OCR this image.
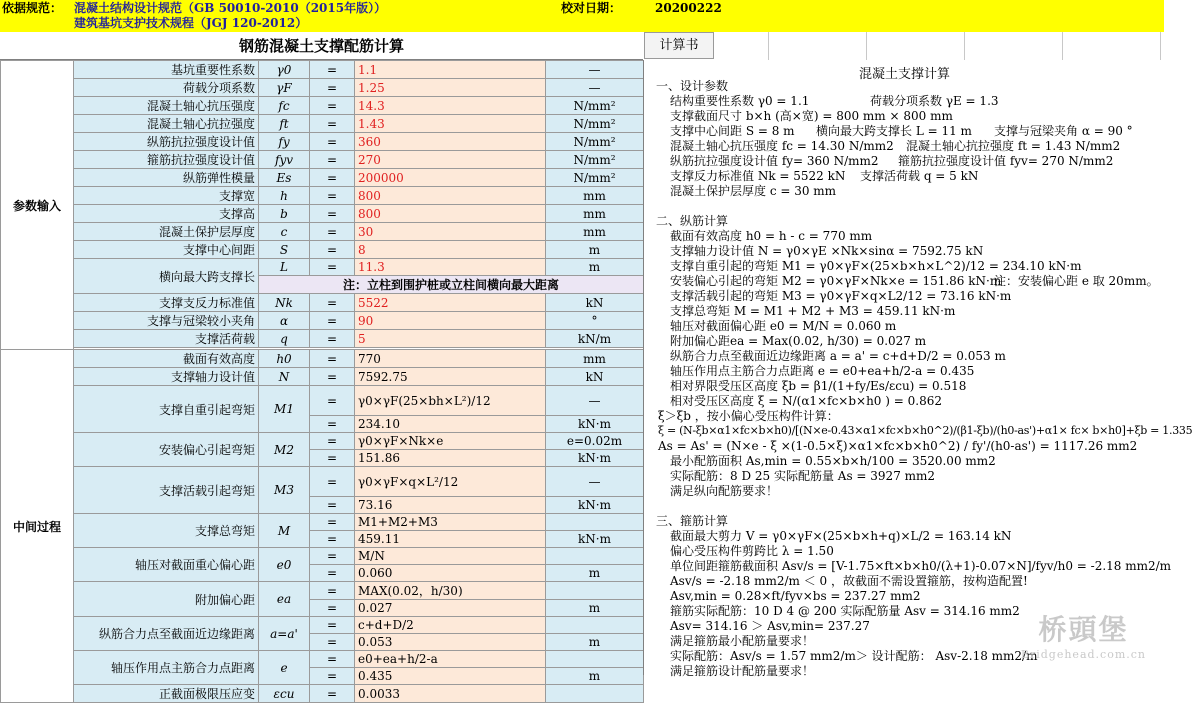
依据规范： 混凝土结构设计规范（GB 50010-2010（2015年版））
建筑基坑支护技术规程（JGJ 120-2012）
校对日期：	20200222
钢筋混凝土支撑配筋计算	计算书
参数输入	基坑重要性系数	γ0	=	1.1	—
	荷载分项系数	γF	=	1.25	—
	混凝土轴心抗压强度	fc	=	14.3	N/mm²
	混凝土轴心抗拉强度	ft	=	1.43	N/mm²
	纵筋抗拉强度设计值	fy	=	360	N/mm²
	箍筋抗拉强度设计值	fyv	=	270	N/mm²
	纵筋弹性模量	Es	=	200000	N/mm²
	支撑宽	h	=	800	mm
	支撑高	b	=	800	mm
	混凝土保护层厚度	c	=	30	mm
	支撑中心间距	S	=	8	m
	横向最大跨支撑长	L	=	11.3	m
		注：立柱到围护桩或立柱间横向最大距离			
	支撑支反力标准值	Nk	=	5522	kN
	支撑与冠梁较小夹角	α	=	90	°
	支撑活荷载	q	=	5	kN/m

中间过程	截面有效高度	h0	=	770	mm
	支撑轴力设计值	N	=	7592.75	kN
	支撑自重引起弯矩	M1	=	γ0×γF(25×bh×L²)/12	—
			=	234.10	kN·m
	安装偏心引起弯矩	M2	=	γ0×γF×Nk×e	e=0.02m
			=	151.86	kN·m
	支撑活载引起弯矩	M3	=	γ0×γF×q×L²/12	—
			=	73.16	kN·m
	支撑总弯矩	M	=	M1+M2+M3	
			=	459.11	kN·m
	轴压对截面重心偏心距	e0	=	M/N	
			=	0.060	m
	附加偏心距	ea	=	MAX(0.02，h/30)	
			=	0.027	m
	纵筋合力点至截面近边缘距离	a=a'	=	c+d+D/2	
			=	0.053	m
	轴压作用点主筋合力点距离	e	=	e0+ea+h/2-a	
			=	0.435	m
	正截面极限压应变	εcu	=	0.0033	
混凝土支撑计算
一、设计参数
结构重要性系数 γ0 = 1.1	荷载分项系数 γE = 1.3
支撑截面尺寸 b×h (高×宽) = 800 mm × 800 mm
支撑中心间距 S = 8 m 横向最大跨支撑长 L = 11 m 支撑与冠梁夹角 α = 90 °
混凝土轴心抗压强度 fc = 14.30 N/mm2 混凝土轴心抗拉强度 ft = 1.43 N/mm2
纵筋抗拉强度设计值 fy= 360 N/mm2 箍筋抗拉强度设计值 fyv= 270 N/mm2
支撑反力标准值 Nk = 5522 kN 支撑活荷载 q = 5 kN
混凝土保护层厚度 c = 30 mm
二、纵筋计算
截面有效高度 h0 = h - c = 770 mm
支撑轴力设计值 N = γ0×γE ×Nk×sinα = 7592.75 kN
支撑自重引起的弯矩 M1 = γ0×γF×(25×b×h×L^2)/12 = 234.10 kN·m
安装偏心引起的弯矩 M2 = γ0×γF×Nk×e = 151.86 kN·m
注：安装偏心距 e 取 20mm。
支撑活载引起的弯矩 M3 = γ0×γF×q×L2/12 = 73.16 kN·m
支撑总弯矩 M = M1 + M2 + M3 = 459.11 kN·m
轴压对截面偏心距 e0 = M/N = 0.060 m
附加偏心距ea = Max(0.02, h/30) = 0.027 m
纵筋合力点至截面近边缘距离 a = a' = c+d+D/2 = 0.053 m
轴压作用点主筋合力点距离 e = e0+ea+h/2-a = 0.435
相对界限受压区高度 ξb = β1/(1+fy/Es/εcu) = 0.518
相对受压区高度 ξ = N/(α1×fc×b×h0 ) = 0.862
ξ＞ξb ，按小偏心受压构件计算：
ξ = (N-ξb×α1×fc×b×h0)/[(N×e-0.43×α1×fc×b×h0^2)/(β1-ξb)/(h0-as')+α1× fc× b×h0]+ξb = 1.335
As = As' = (N×e - ξ ×(1-0.5×ξ)×α1×fc×b×h0^2) / fy'/(h0-as') = 1117.26 mm2
最小配筋面积 As,min = 0.55×b×h/100 = 3520.00 mm2
实际配筋：8 D 25 实际配筋量 As = 3927 mm2
满足纵向配筋要求！
三、箍筋计算
截面最大剪力 V = γ0×γF×(25×b×h+q)×L/2 = 163.14 kN
偏心受压构件剪跨比 λ = 1.50
单位间距箍筋截面积 Asv/s = [V-1.75×ft×b×h0/(λ+1)-0.07×N]/fyv/h0 = -2.18 mm2/m
Asv/s = -2.18 mm2/m ＜ 0 ，故截面不需设置箍筋，按构造配置!
Asv,min = 0.28×ft/fyv×bs = 237.27 mm2
箍筋实际配筋：10 D 4 @ 200 实际配筋量 Asv = 314.16 mm2
Asv= 314.16 ＞ Asv,min= 237.27
满足箍筋最小配筋量要求！
实际配筋：Asv/s = 1.57 mm2/m＞ 设计配筋： Asv-2.18 mm2/m
满足箍筋设计配筋量要求！
桥頭堡
Bridgehead.com.cn
